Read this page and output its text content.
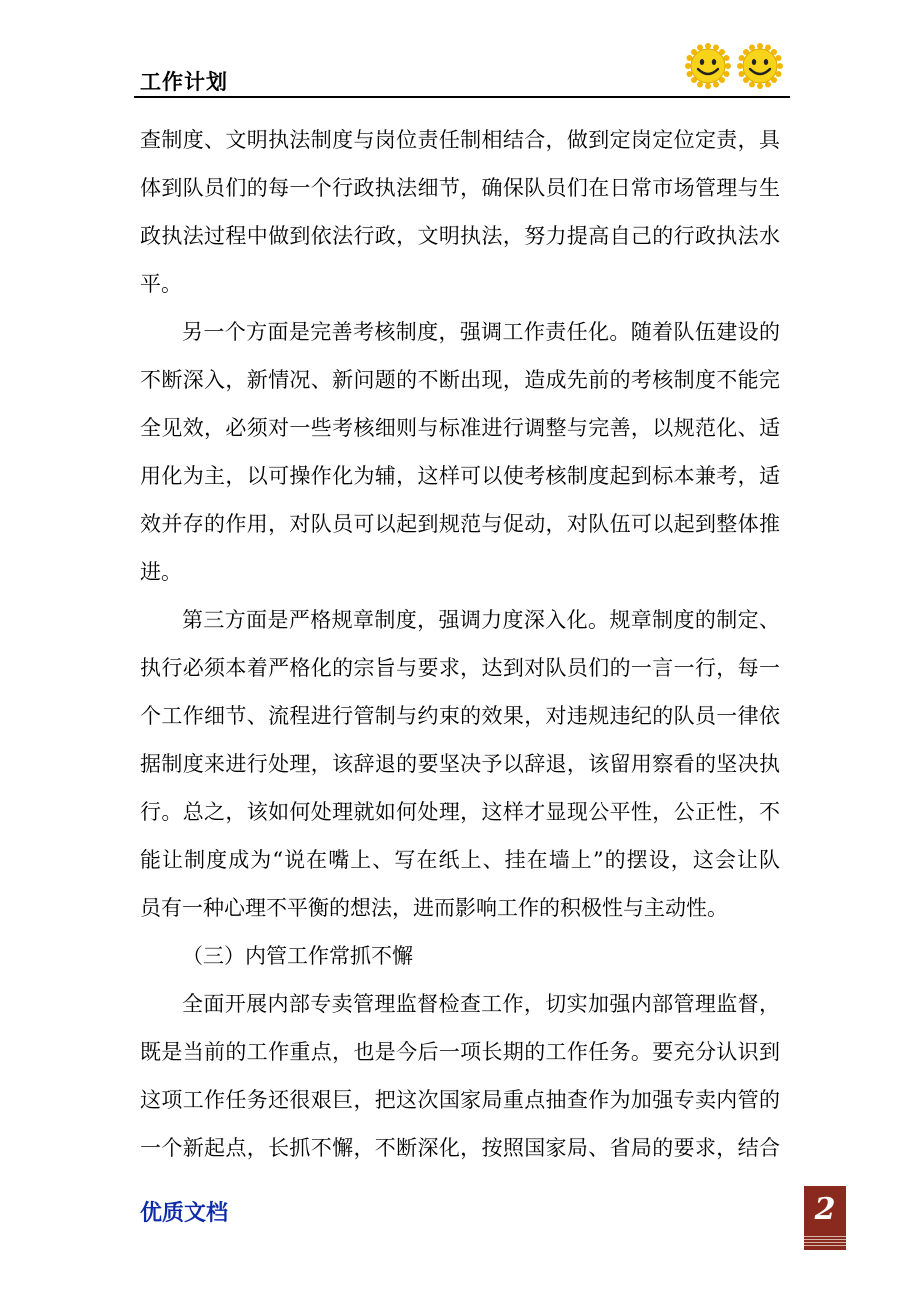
工作计划
查制度、文明执法制度与岗位责任制相结合，做到定岗定位定责，具
体到队员们的每一个行政执法细节，确保队员们在日常市场管理与生
政执法过程中做到依法行政，文明执法，努力提高自己的行政执法水
平。
另一个方面是完善考核制度，强调工作责任化。随着队伍建设的
不断深入，新情况、新问题的不断出现，造成先前的考核制度不能完
全见效，必须对一些考核细则与标准进行调整与完善，以规范化、适
用化为主，以可操作化为辅，这样可以使考核制度起到标本兼考，适
效并存的作用，对队员可以起到规范与促动，对队伍可以起到整体推
进。
第三方面是严格规章制度，强调力度深入化。规章制度的制定、
执行必须本着严格化的宗旨与要求，达到对队员们的一言一行，每一
个工作细节、流程进行管制与约束的效果，对违规违纪的队员一律依
据制度来进行处理，该辞退的要坚决予以辞退，该留用察看的坚决执
行。总之，该如何处理就如何处理，这样才显现公平性，公正性，不
能让制度成为“说在嘴上、写在纸上、挂在墙上”的摆设，这会让队
员有一种心理不平衡的想法，进而影响工作的积极性与主动性。
（三）内管工作常抓不懈
全面开展内部专卖管理监督检查工作，切实加强内部管理监督，
既是当前的工作重点，也是今后一项长期的工作任务。要充分认识到
这项工作任务还很艰巨，把这次国家局重点抽查作为加强专卖内管的
一个新起点，长抓不懈，不断深化，按照国家局、省局的要求，结合
优质文档	2
